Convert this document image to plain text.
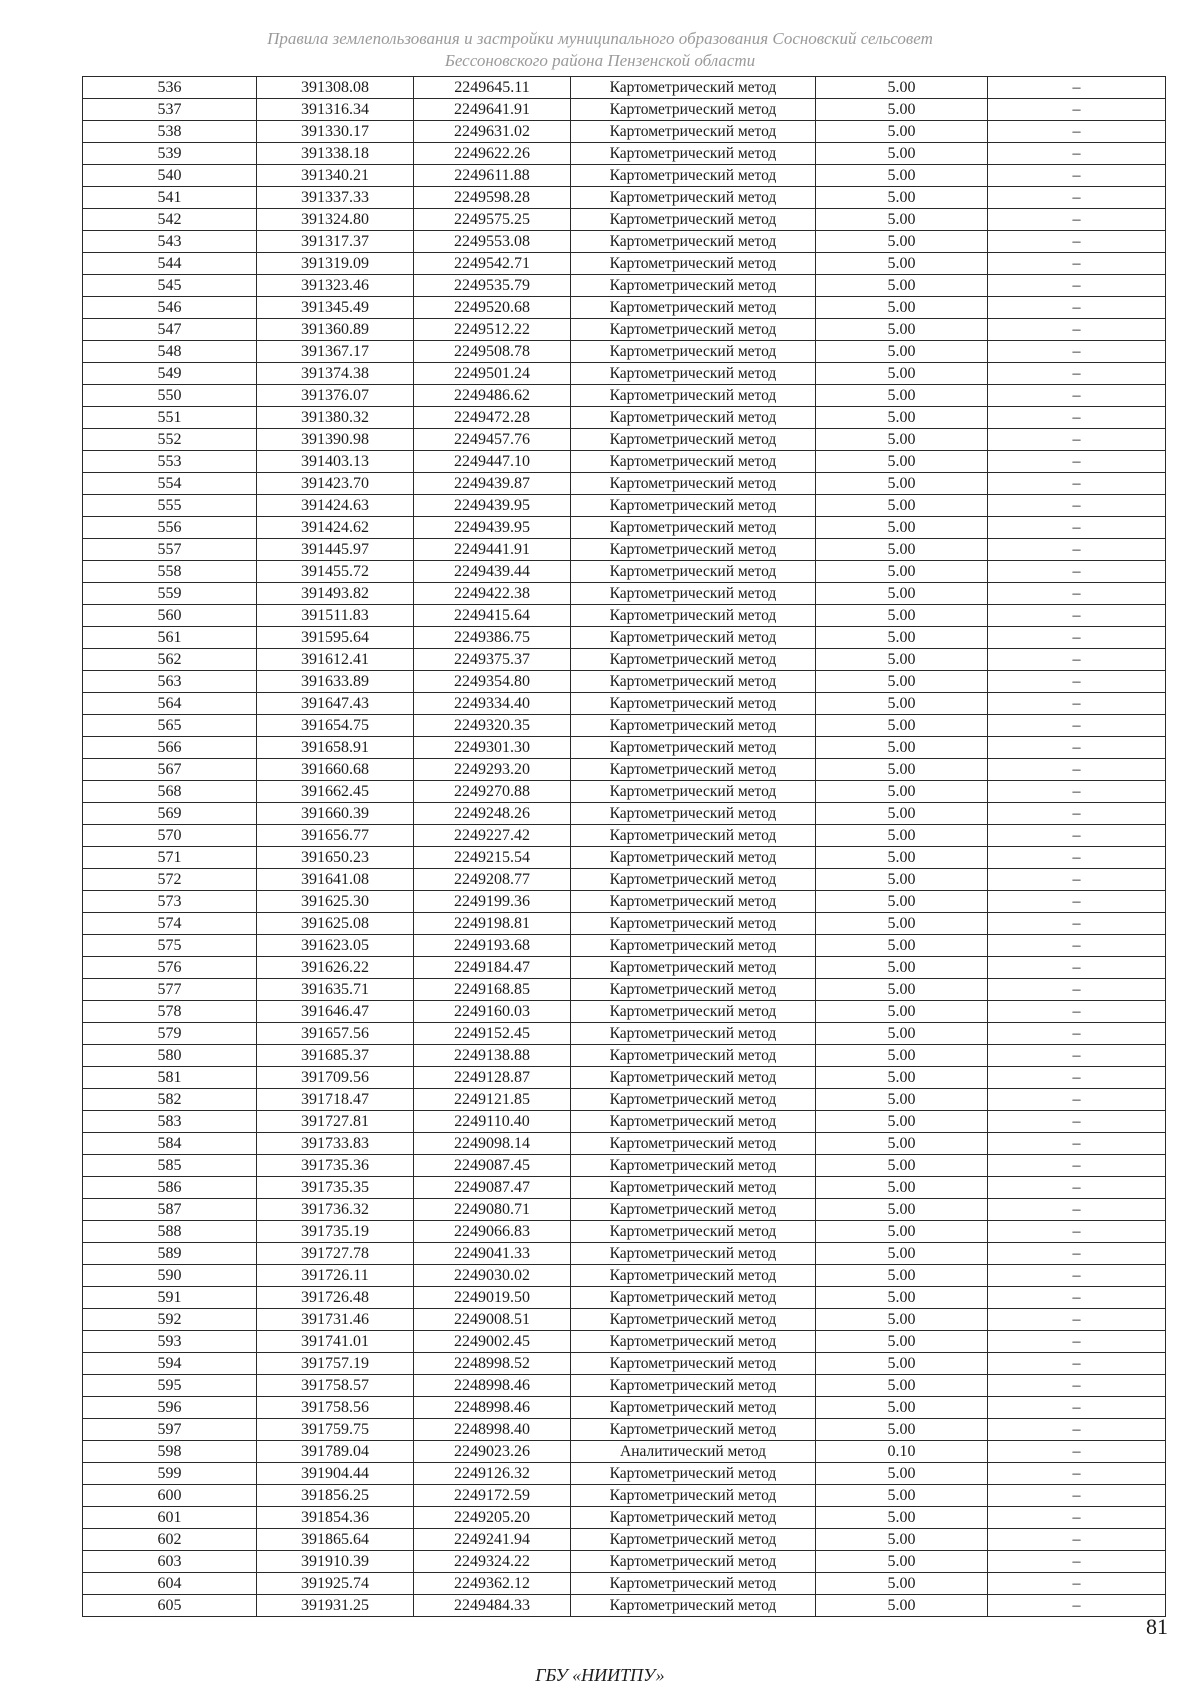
Правила землепользования и застройки муниципального образования Сосновский сельсовет
Бессоновского района Пензенской области
536	391308.08	2249645.11	Картометрический метод	5.00	–
537	391316.34	2249641.91	Картометрический метод	5.00	–
538	391330.17	2249631.02	Картометрический метод	5.00	–
539	391338.18	2249622.26	Картометрический метод	5.00	–
540	391340.21	2249611.88	Картометрический метод	5.00	–
541	391337.33	2249598.28	Картометрический метод	5.00	–
542	391324.80	2249575.25	Картометрический метод	5.00	–
543	391317.37	2249553.08	Картометрический метод	5.00	–
544	391319.09	2249542.71	Картометрический метод	5.00	–
545	391323.46	2249535.79	Картометрический метод	5.00	–
546	391345.49	2249520.68	Картометрический метод	5.00	–
547	391360.89	2249512.22	Картометрический метод	5.00	–
548	391367.17	2249508.78	Картометрический метод	5.00	–
549	391374.38	2249501.24	Картометрический метод	5.00	–
550	391376.07	2249486.62	Картометрический метод	5.00	–
551	391380.32	2249472.28	Картометрический метод	5.00	–
552	391390.98	2249457.76	Картометрический метод	5.00	–
553	391403.13	2249447.10	Картометрический метод	5.00	–
554	391423.70	2249439.87	Картометрический метод	5.00	–
555	391424.63	2249439.95	Картометрический метод	5.00	–
556	391424.62	2249439.95	Картометрический метод	5.00	–
557	391445.97	2249441.91	Картометрический метод	5.00	–
558	391455.72	2249439.44	Картометрический метод	5.00	–
559	391493.82	2249422.38	Картометрический метод	5.00	–
560	391511.83	2249415.64	Картометрический метод	5.00	–
561	391595.64	2249386.75	Картометрический метод	5.00	–
562	391612.41	2249375.37	Картометрический метод	5.00	–
563	391633.89	2249354.80	Картометрический метод	5.00	–
564	391647.43	2249334.40	Картометрический метод	5.00	–
565	391654.75	2249320.35	Картометрический метод	5.00	–
566	391658.91	2249301.30	Картометрический метод	5.00	–
567	391660.68	2249293.20	Картометрический метод	5.00	–
568	391662.45	2249270.88	Картометрический метод	5.00	–
569	391660.39	2249248.26	Картометрический метод	5.00	–
570	391656.77	2249227.42	Картометрический метод	5.00	–
571	391650.23	2249215.54	Картометрический метод	5.00	–
572	391641.08	2249208.77	Картометрический метод	5.00	–
573	391625.30	2249199.36	Картометрический метод	5.00	–
574	391625.08	2249198.81	Картометрический метод	5.00	–
575	391623.05	2249193.68	Картометрический метод	5.00	–
576	391626.22	2249184.47	Картометрический метод	5.00	–
577	391635.71	2249168.85	Картометрический метод	5.00	–
578	391646.47	2249160.03	Картометрический метод	5.00	–
579	391657.56	2249152.45	Картометрический метод	5.00	–
580	391685.37	2249138.88	Картометрический метод	5.00	–
581	391709.56	2249128.87	Картометрический метод	5.00	–
582	391718.47	2249121.85	Картометрический метод	5.00	–
583	391727.81	2249110.40	Картометрический метод	5.00	–
584	391733.83	2249098.14	Картометрический метод	5.00	–
585	391735.36	2249087.45	Картометрический метод	5.00	–
586	391735.35	2249087.47	Картометрический метод	5.00	–
587	391736.32	2249080.71	Картометрический метод	5.00	–
588	391735.19	2249066.83	Картометрический метод	5.00	–
589	391727.78	2249041.33	Картометрический метод	5.00	–
590	391726.11	2249030.02	Картометрический метод	5.00	–
591	391726.48	2249019.50	Картометрический метод	5.00	–
592	391731.46	2249008.51	Картометрический метод	5.00	–
593	391741.01	2249002.45	Картометрический метод	5.00	–
594	391757.19	2248998.52	Картометрический метод	5.00	–
595	391758.57	2248998.46	Картометрический метод	5.00	–
596	391758.56	2248998.46	Картометрический метод	5.00	–
597	391759.75	2248998.40	Картометрический метод	5.00	–
598	391789.04	2249023.26	Аналитический метод	0.10	–
599	391904.44	2249126.32	Картометрический метод	5.00	–
600	391856.25	2249172.59	Картометрический метод	5.00	–
601	391854.36	2249205.20	Картометрический метод	5.00	–
602	391865.64	2249241.94	Картометрический метод	5.00	–
603	391910.39	2249324.22	Картометрический метод	5.00	–
604	391925.74	2249362.12	Картометрический метод	5.00	–
605	391931.25	2249484.33	Картометрический метод	5.00	–
81
ГБУ «НИИТПУ»
